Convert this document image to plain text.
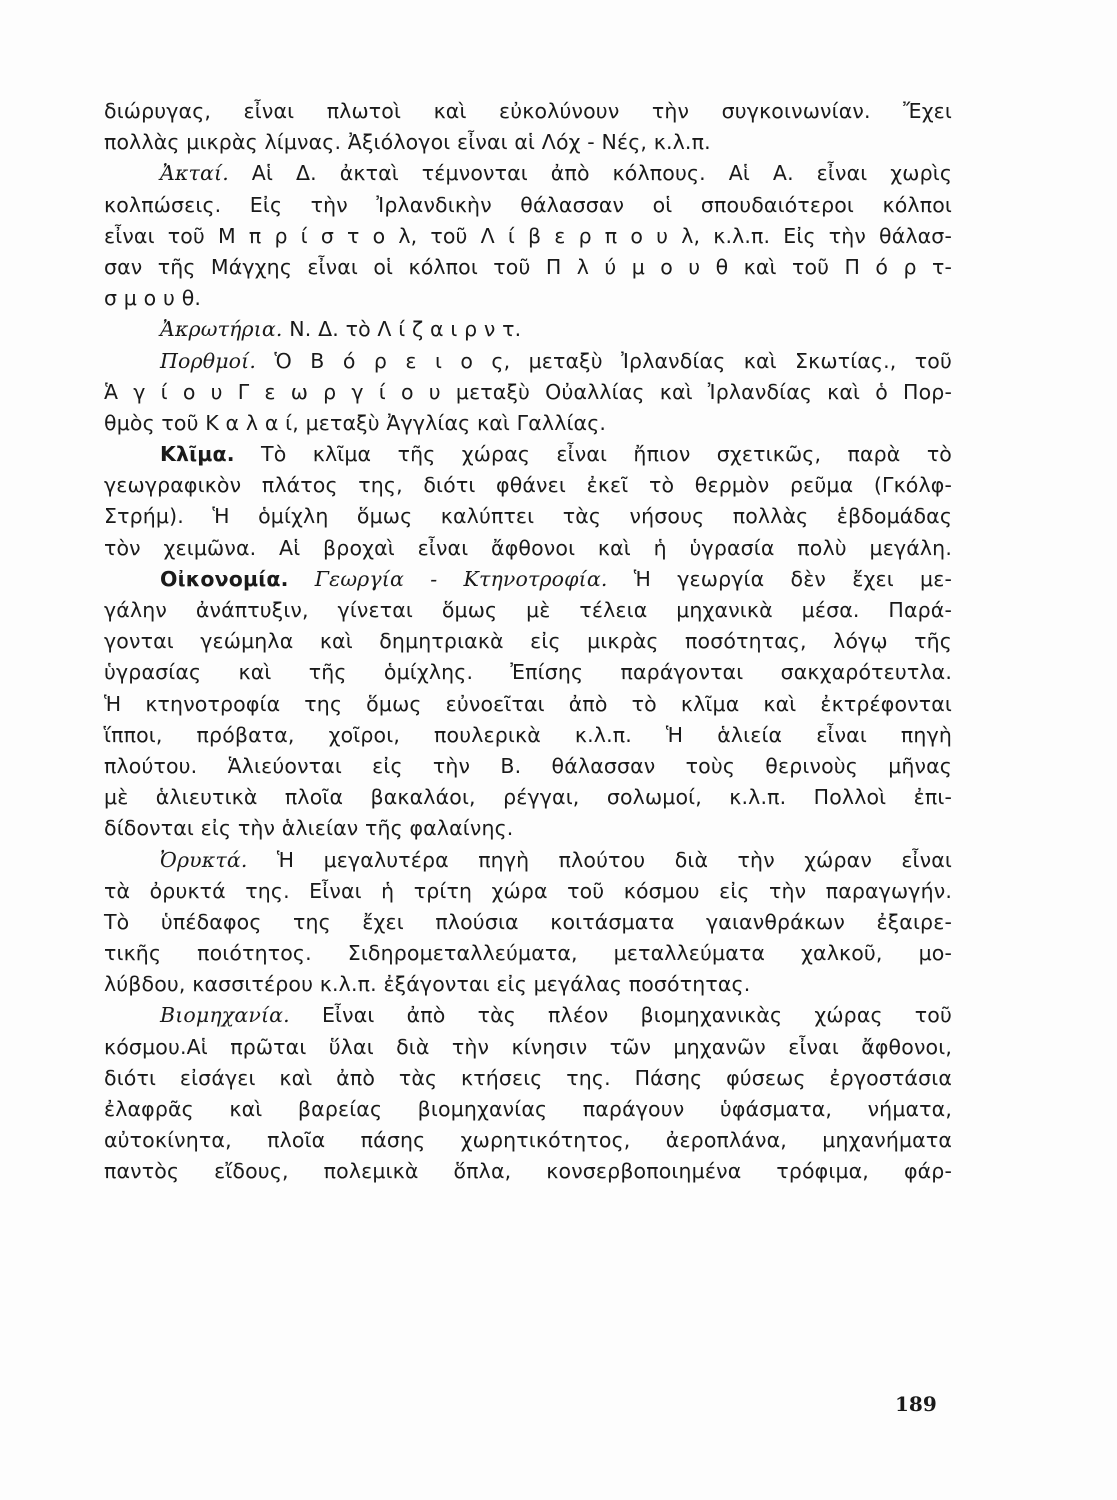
διώρυγας, εἶναι πλωτοὶ καὶ εὐκολύνουν τὴν συγκοινωνίαν. Ἔχει
πολλὰς μικρὰς λίμνας. Ἀξιόλογοι εἶναι αἱ Λόχ - Νές, κ.λ.π.
Ἀκταί. Αἱ Δ. ἀκταὶ τέμνονται ἀπὸ κόλπους. Αἱ Α. εἶναι χωρὶς
κολπώσεις. Εἰς τὴν Ἰρλανδικὴν θάλασσαν οἱ σπουδαιότεροι κόλποι
εἶναι τοῦ Μ π ρ ί σ τ ο λ, τοῦ Λ ί β ε ρ π ο υ λ, κ.λ.π. Εἰς τὴν θάλασ-
σαν τῆς Μάγχης εἶναι οἱ κόλποι τοῦ Π λ ύ μ ο υ θ καὶ τοῦ Π ό ρ τ-
σ μ ο υ θ.
Ἀκρωτήρια. Ν. Δ. τὸ Λ ί ζ α ι ρ ν τ.
Πορθμοί. Ὁ Β ό ρ ε ι ο ς, μεταξὺ Ἰρλανδίας καὶ Σκωτίας., τοῦ
Ἁ γ ί ο υ Γ ε ω ρ γ ί ο υ μεταξὺ Οὐαλλίας καὶ Ἰρλανδίας καὶ ὁ Πορ-
θμὸς τοῦ Κ α λ α ί, μεταξὺ Ἀγγλίας καὶ Γαλλίας.
Κλῖμα. Τὸ κλῖμα τῆς χώρας εἶναι ἤπιον σχετικῶς, παρὰ τὸ
γεωγραφικὸν πλάτος της, διότι φθάνει ἐκεῖ τὸ θερμὸν ρεῦμα (Γκόλφ-
Στρήμ). Ἡ ὁμίχλη ὅμως καλύπτει τὰς νήσους πολλὰς ἑβδομάδας
τὸν χειμῶνα. Αἱ βροχαὶ εἶναι ἄφθονοι καὶ ἡ ὑγρασία πολὺ μεγάλη.
Οἰκονομία. Γεωργία - Κτηνοτροφία. Ἡ γεωργία δὲν ἔχει με-
γάλην ἀνάπτυξιν, γίνεται ὅμως μὲ τέλεια μηχανικὰ μέσα. Παρά-
γονται γεώμηλα καὶ δημητριακὰ εἰς μικρὰς ποσότητας, λόγῳ τῆς
ὑγρασίας καὶ τῆς ὁμίχλης. Ἐπίσης παράγονται σακχαρότευτλα.
Ἡ κτηνοτροφία της ὅμως εὐνοεῖται ἀπὸ τὸ κλῖμα καὶ ἐκτρέφονται
ἵπποι, πρόβατα, χοῖροι, πουλερικὰ κ.λ.π. Ἡ ἁλιεία εἶναι πηγὴ
πλούτου. Ἁλιεύονται εἰς τὴν Β. θάλασσαν τοὺς θερινοὺς μῆνας
μὲ ἁλιευτικὰ πλοῖα βακαλάοι, ρέγγαι, σολωμοί, κ.λ.π. Πολλοὶ ἐπι-
δίδονται εἰς τὴν ἁλιείαν τῆς φαλαίνης.
Ὀρυκτά. Ἡ μεγαλυτέρα πηγὴ πλούτου διὰ τὴν χώραν εἶναι
τὰ ὀρυκτά της. Εἶναι ἡ τρίτη χώρα τοῦ κόσμου εἰς τὴν παραγωγήν.
Τὸ ὑπέδαφος της ἔχει πλούσια κοιτάσματα γαιανθράκων ἐξαιρε-
τικῆς ποιότητος. Σιδηρομεταλλεύματα, μεταλλεύματα χαλκοῦ, μο-
λύβδου, κασσιτέρου κ.λ.π. ἐξάγονται εἰς μεγάλας ποσότητας.
Βιομηχανία. Εἶναι ἀπὸ τὰς πλέον βιομηχανικὰς χώρας τοῦ
κόσμου.Αἱ πρῶται ὕλαι διὰ τὴν κίνησιν τῶν μηχανῶν εἶναι ἄφθονοι,
διότι εἰσάγει καὶ ἀπὸ τὰς κτήσεις της. Πάσης φύσεως ἐργοστάσια
ἐλαφρᾶς καὶ βαρείας βιομηχανίας παράγουν ὑφάσματα, νήματα,
αὐτοκίνητα, πλοῖα πάσης χωρητικότητος, ἀεροπλάνα, μηχανήματα
παντὸς εἴδους, πολεμικὰ ὅπλα, κονσερβοποιημένα τρόφιμα, φάρ-
189
